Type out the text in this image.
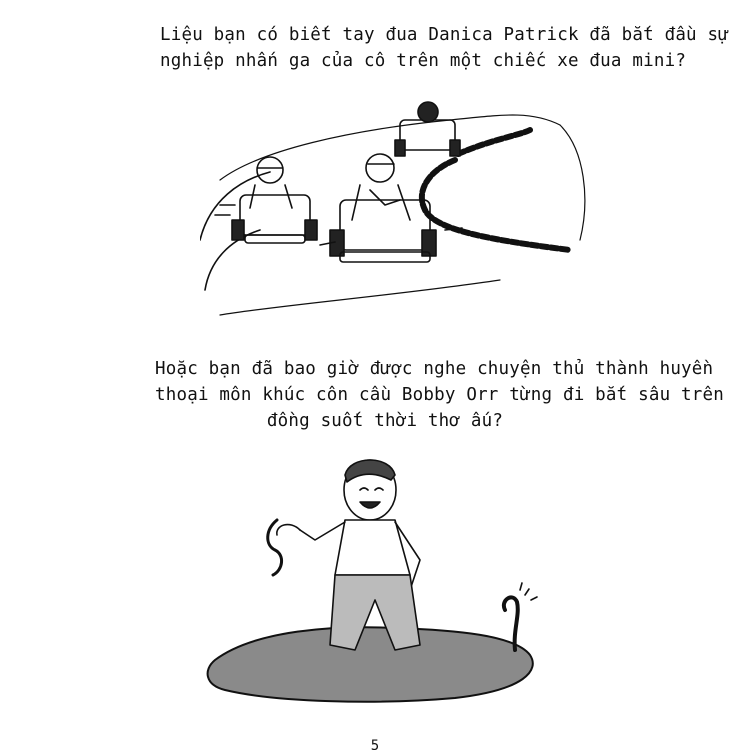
Liệu bạn có biết tay đua Danica Patrick đã bắt đầu sự
nghiệp nhấn ga của cô trên một chiếc xe đua mini?
Hoặc bạn đã bao giờ được nghe chuyện thủ thành huyền
thoại môn khúc côn cầu Bobby Orr từng đi bắt sâu trên
đồng suốt thời thơ ấu?
5
